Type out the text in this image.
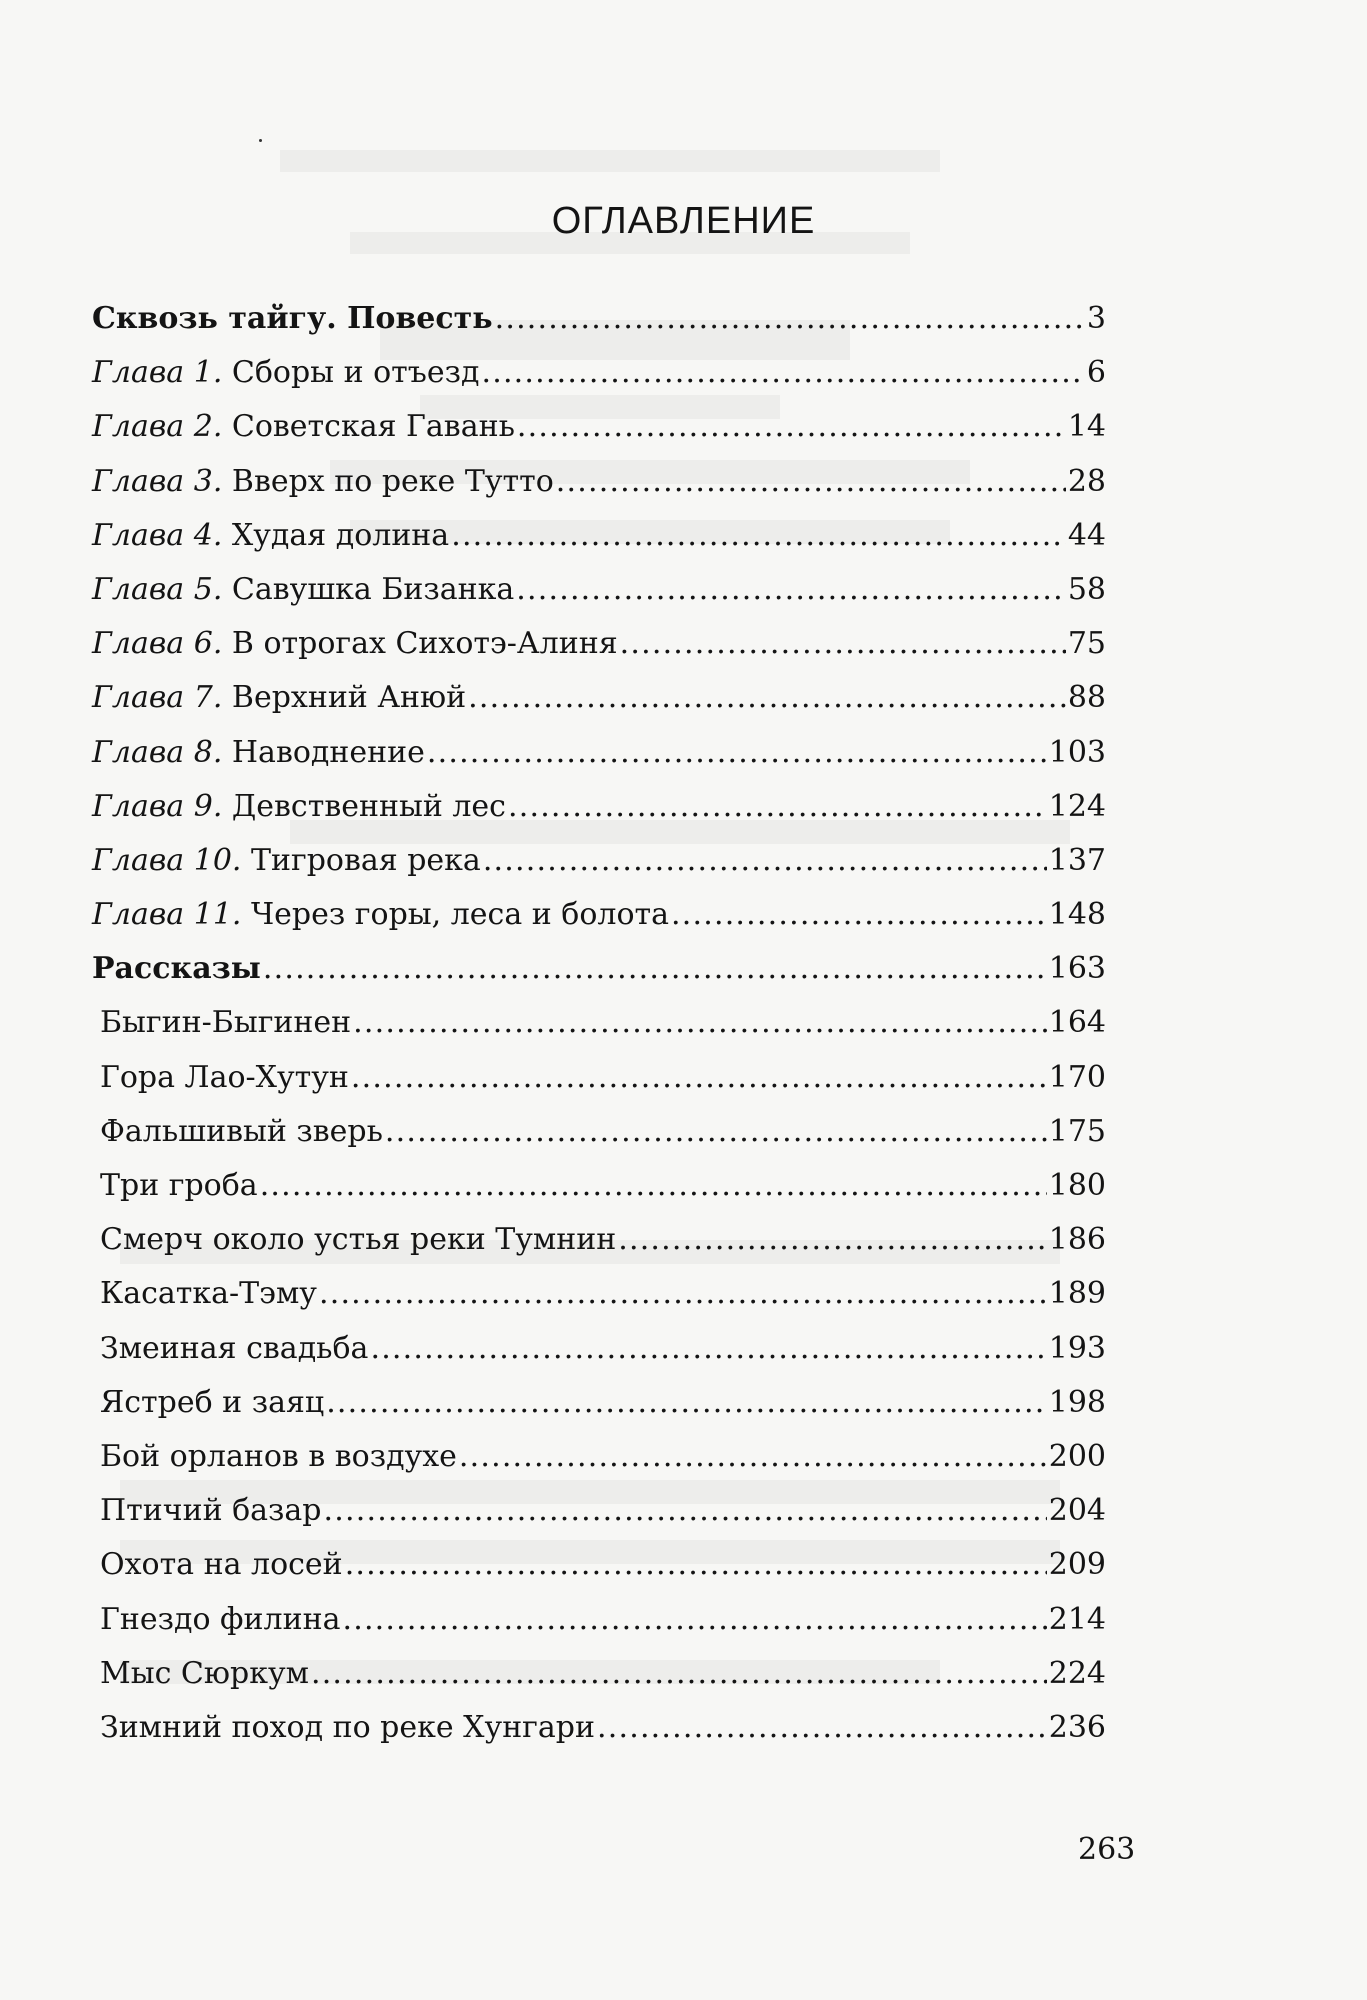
ОГЛАВЛЕНИЕ
Сквозь тайгу. Повесть .....	3
Глава 1. Сборы и отъезд .....	6
Глава 2. Советская Гавань .....	14
Глава 3. Вверх по реке Тутто .....	28
Глава 4. Худая долина .....	44
Глава 5. Савушка Бизанка .....	58
Глава 6. В отрогах Сихотэ-Алиня .....	75
Глава 7. Верхний Анюй .....	88
Глава 8. Наводнение .....	103
Глава 9. Девственный лес .....	124
Глава 10. Тигровая река .....	137
Глава 11. Через горы, леса и болота .....	148
Рассказы .....	163
Быгин-Быгинен .....	164
Гора Лао-Хутун .....	170
Фальшивый зверь .....	175
Три гроба .....	180
Смерч около устья реки Тумнин .....	186
Касатка-Тэму .....	189
Змеиная свадьба .....	193
Ястреб и заяц .....	198
Бой орланов в воздухе .....	200
Птичий базар .....	204
Охота на лосей .....	209
Гнездо филина .....	214
Мыс Сюркум .....	224
Зимний поход по реке Хунгари .....	236
263
